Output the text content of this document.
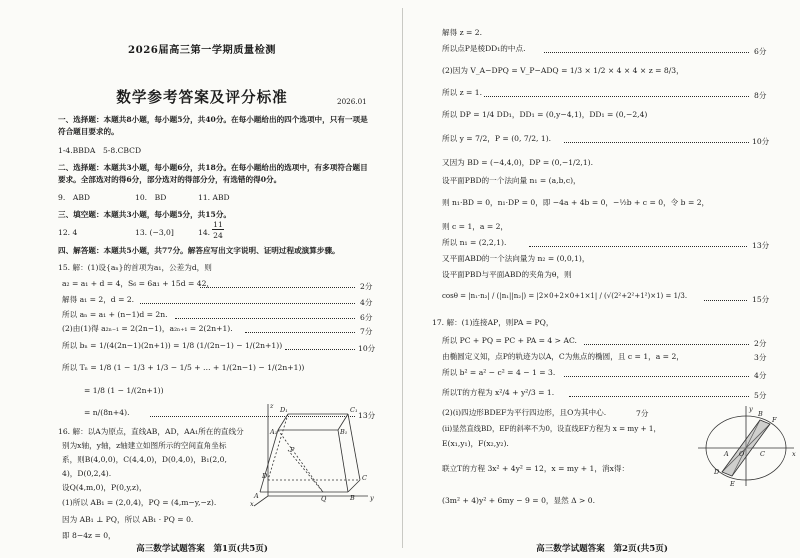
2026届高三第一学期质量检测
数学参考答案及评分标准	2026.01
一、选择题：本题共8小题，每小题5分，共40分。在每小题给出的四个选项中，只有一项是
符合题目要求的。
1-4.BBDA　5-8.CBCD
二、选择题：本题共3小题，每小题6分，共18分。在每小题给出的选项中，有多项符合题目
要求。全部选对的得6分，部分选对的得部分分，有选错的得0分。
9.　ABD	10.　BD	11. ABD
三、填空题：本题共3小题，每小题5分，共15分。
12. 4	13. (−3,0]	14.
11
24
四、解答题：本题共5小题，共77分。解答应写出文字说明、证明过程或演算步骤。
15. 解：(1)设{aₙ}的首项为a₁，公差为d，则
a₂ = a₁ + d = 4，S₆ = 6a₁ + 15d = 42，	2分
解得 a₁ = 2，d = 2.	4分
所以 aₙ = a₁ + (n−1)d = 2n.	6分
(2)由(1)得 a₂ₙ₋₁ = 2(2n−1)，a₂ₙ₊₁ = 2(2n+1).	7分
所以 bₙ = 1/(4(2n−1)(2n+1)) = 1/8 (1/(2n−1) − 1/(2n+1))	10分
所以 Tₙ = 1/8 (1 − 1/3 + 1/3 − 1/5 + … + 1/(2n−1) − 1/(2n+1))
= 1/8 (1 − 1/(2n+1))
= n/(8n+4).	13分
16. 解：以A为原点，直线AB，AD，AA₁所在的直线分
别为x轴，y轴，z轴建立如图所示的空间直角坐标
系，则B(4,0,0)，C(4,4,0)，D(0,4,0)，B₁(2,0,
4)，D(0,2,4).
设Q(4,m,0)，P(0,y,z)，
(1)所以 AB₁ = (2,0,4)，PQ = (4,m−y,−z).
因为 AB₁ ⊥ PQ，所以 AB₁ · PQ = 0.
即 8−4z = 0，
z D₁	C₁
A₁	B₁
P
D	C
A	B
Q	y
x
高三数学试题答案　第1页(共5页)
解得 z = 2.
所以点P是棱DD₁的中点.	6分
(2)因为 V_A−DPQ = V_P−ADQ = 1/3 × 1/2 × 4 × 4 × z = 8/3，
所以 z = 1.	8分
所以 DP = 1/4 DD₁，DD₁ = (0,y−4,1)，DD₁ = (0,−2,4)
所以 y = 7/2，P = (0, 7/2, 1).	10分
又因为 BD = (−4,4,0)，DP = (0,−1/2,1).
设平面PBD的一个法向量 n₁ = (a,b,c)，
则 n₁·BD = 0，n₁·DP = 0，即 −4a + 4b = 0，−½b + c = 0，令 b = 2，
则 c = 1，a = 2，
所以 n₁ = (2,2,1).	13分
又平面ABD的一个法向量为 n₂ = (0,0,1)，
设平面PBD与平面ABD的夹角为θ，则
cosθ = |n₁·n₂| / (|n₁||n₂|) = |2×0+2×0+1×1| / (√(2²+2²+1²)×1) = 1/3.	15分
17. 解：(1)连接AP，则PA = PQ，
所以 PC + PQ = PC + PA = 4 > AC.	2分
由椭圆定义知，点P的轨迹为以A，C为焦点的椭圆，且 c = 1，a = 2，	3分
所以 b² = a² − c² = 4 − 1 = 3.	4分
所以T的方程为 x²/4 + y²/3 = 1.	5分
(2)(i)四边形BDEF为平行四边形，且O为其中心.	7分
(ii)显然直线BD，EF的斜率不为0，设直线EF方程为 x = my + 1，
E(x₁,y₁)，F(x₂,y₂).
联立T的方程 3x² + 4y² = 12，x = my + 1，消x得：
(3m² + 4)y² + 6my − 9 = 0，显然 Δ > 0.
y
x
O
A	C
F
B
D
E
高三数学试题答案　第2页(共5页)
